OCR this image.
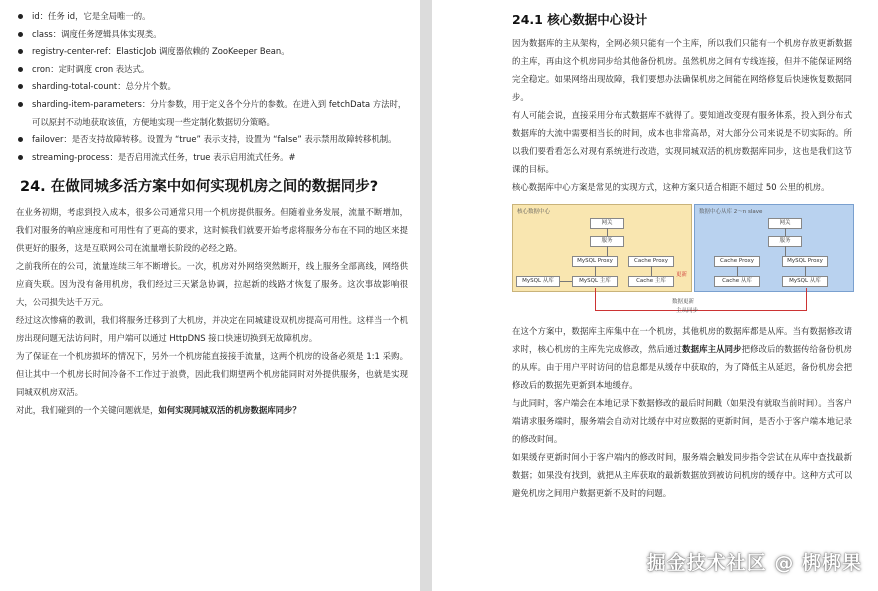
id：任务 id，它是全局唯一的。
class：调度任务逻辑具体实现类。
registry-center-ref：ElasticJob 调度器依赖的 ZooKeeper Bean。
cron：定时调度 cron 表达式。
sharding-total-count：总分片个数。
sharding-item-parameters：分片参数，用于定义各个分片的参数。在进入到 fetchData 方法时，可以原封不动地获取该值，方便地实现一些定制化数据切分策略。
failover：是否支持故障转移。设置为 “true” 表示支持，设置为 “false” 表示禁用故障转移机制。
streaming-process：是否启用流式任务，true 表示启用流式任务。#
24. 在做同城多活方案中如何实现机房之间的数据同步?

在业务初期，考虑到投入成本，很多公司通常只用一个机房提供服务。但随着业务发展，流量不断增加，我们对服务的响应速度和可用性有了更高的要求，这时候我们就要开始考虑将服务分布在不同的地区来提供更好的服务，这是互联网公司在流量增长阶段的必经之路。

之前我所在的公司，流量连续三年不断增长。一次，机房对外网络突然断开，线上服务全部离线，网络供应商失联。因为没有备用机房，我们经过三天紧急协调，拉起新的线路才恢复了服务。这次事故影响很大，公司损失达千万元。

经过这次惨痛的教训，我们将服务迁移到了大机房，并决定在同城建设双机房提高可用性。这样当一个机房出现问题无法访问时，用户端可以通过 HttpDNS 接口快速切换到无故障机房。

为了保证在一个机房损坏的情况下，另外一个机房能直接接手流量，这两个机房的设备必须是 1:1 采购。但让其中一个机房长时间冷备不工作过于浪费，因此我们期望两个机房能同时对外提供服务，也就是实现同城双机房双活。

对此，我们碰到的一个关键问题就是，如何实现同城双活的机房数据库同步？

24.1 核心数据中心设计

因为数据库的主从架构，全网必须只能有一个主库，所以我们只能有一个机房存放更新数据的主库，再由这个机房同步给其他备份机房。虽然机房之间有专线连接，但并不能保证网络完全稳定。如果网络出现故障，我们要想办法确保机房之间能在网络修复后快速恢复数据同步。

有人可能会说，直接采用分布式数据库不就得了。要知道改变现有服务体系，投入到分布式数据库的大流中需要相当长的时间，成本也非常高昂，对大部分公司来说是不切实际的。所以我们要看看怎么对现有系统进行改造，实现同城双活的机房数据库同步，这也是我们这节课的目标。

核心数据库中心方案是常见的实现方式，这种方案只适合相距不超过 50 公里的机房。

核心数据中心	数据中心从库 2～n slave
网关
服务
MySQL Proxy	Cache Proxy
MySQL 从库	MySQL 主库	Cache 主库
网关
服务
Cache Proxy	MySQL Proxy
Cache 从库	MySQL 从库
更新
数据更新
主从同步

在这个方案中，数据库主库集中在一个机房，其他机房的数据库都是从库。当有数据修改请求时，核心机房的主库先完成修改，然后通过数据库主从同步把修改后的数据传给备份机房的从库。由于用户平时访问的信息都是从缓存中获取的，为了降低主从延迟，备份机房会把修改后的数据先更新到本地缓存。

与此同时，客户端会在本地记录下数据修改的最后时间戳（如果没有就取当前时间）。当客户端请求服务端时，服务端会自动对比缓存中对应数据的更新时间，是否小于客户端本地记录的修改时间。

如果缓存更新时间小于客户端内的修改时间，服务端会触发同步指令尝试在从库中查找最新数据；如果没有找到，就把从主库获取的最新数据放到被访问机房的缓存中。这种方式可以避免机房之间用户数据更新不及时的问题。

掘金技术社区 @ 梆梆果
